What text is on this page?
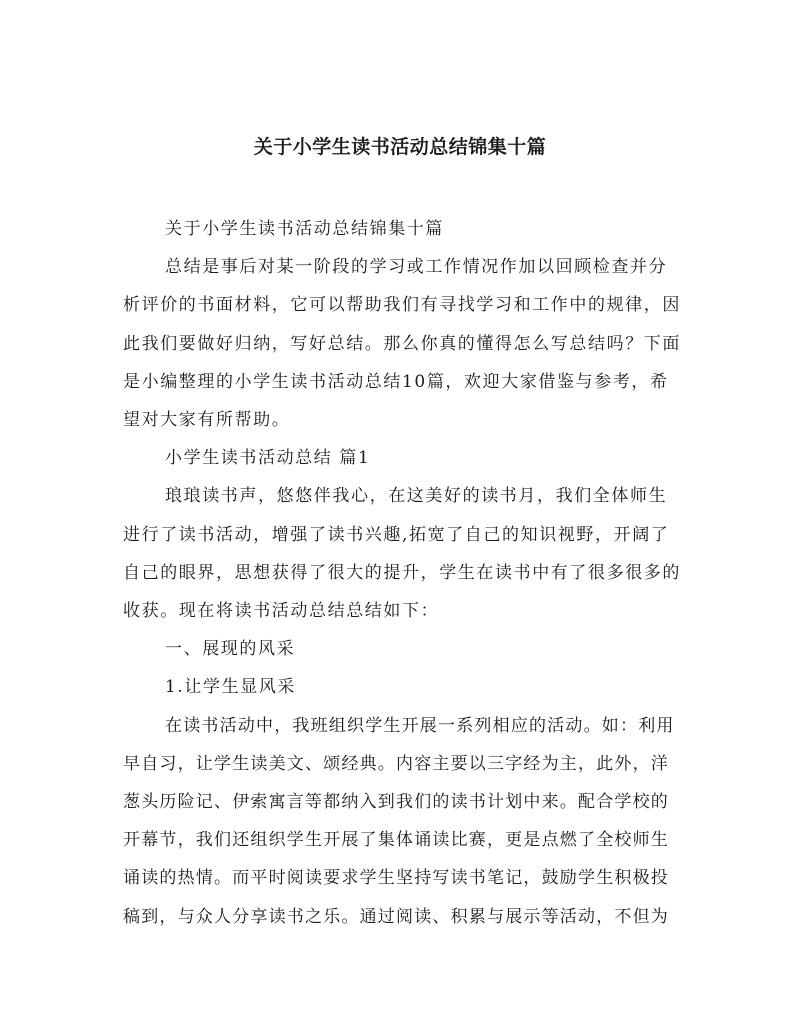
关于小学生读书活动总结锦集十篇

关于小学生读书活动总结锦集十篇

总结是事后对某一阶段的学习或工作情况作加以回顾检查并分析评价的书面材料，它可以帮助我们有寻找学习和工作中的规律，因此我们要做好归纳，写好总结。那么你真的懂得怎么写总结吗？下面是小编整理的小学生读书活动总结10篇，欢迎大家借鉴与参考，希望对大家有所帮助。

小学生读书活动总结 篇1

琅琅读书声，悠悠伴我心，在这美好的读书月，我们全体师生进行了读书活动，增强了读书兴趣,拓宽了自己的知识视野，开阔了自己的眼界，思想获得了很大的提升，学生在读书中有了很多很多的收获。现在将读书活动总结总结如下：

一、展现的风采

1.让学生显风采

在读书活动中，我班组织学生开展一系列相应的活动。如：利用早自习，让学生读美文、颂经典。内容主要以三字经为主，此外，洋葱头历险记、伊索寓言等都纳入到我们的读书计划中来。配合学校的开幕节，我们还组织学生开展了集体诵读比赛，更是点燃了全校师生诵读的热情。而平时阅读要求学生坚持写读书笔记，鼓励学生积极投稿到，与众人分享读书之乐。通过阅读、积累与展示等活动，不但为
